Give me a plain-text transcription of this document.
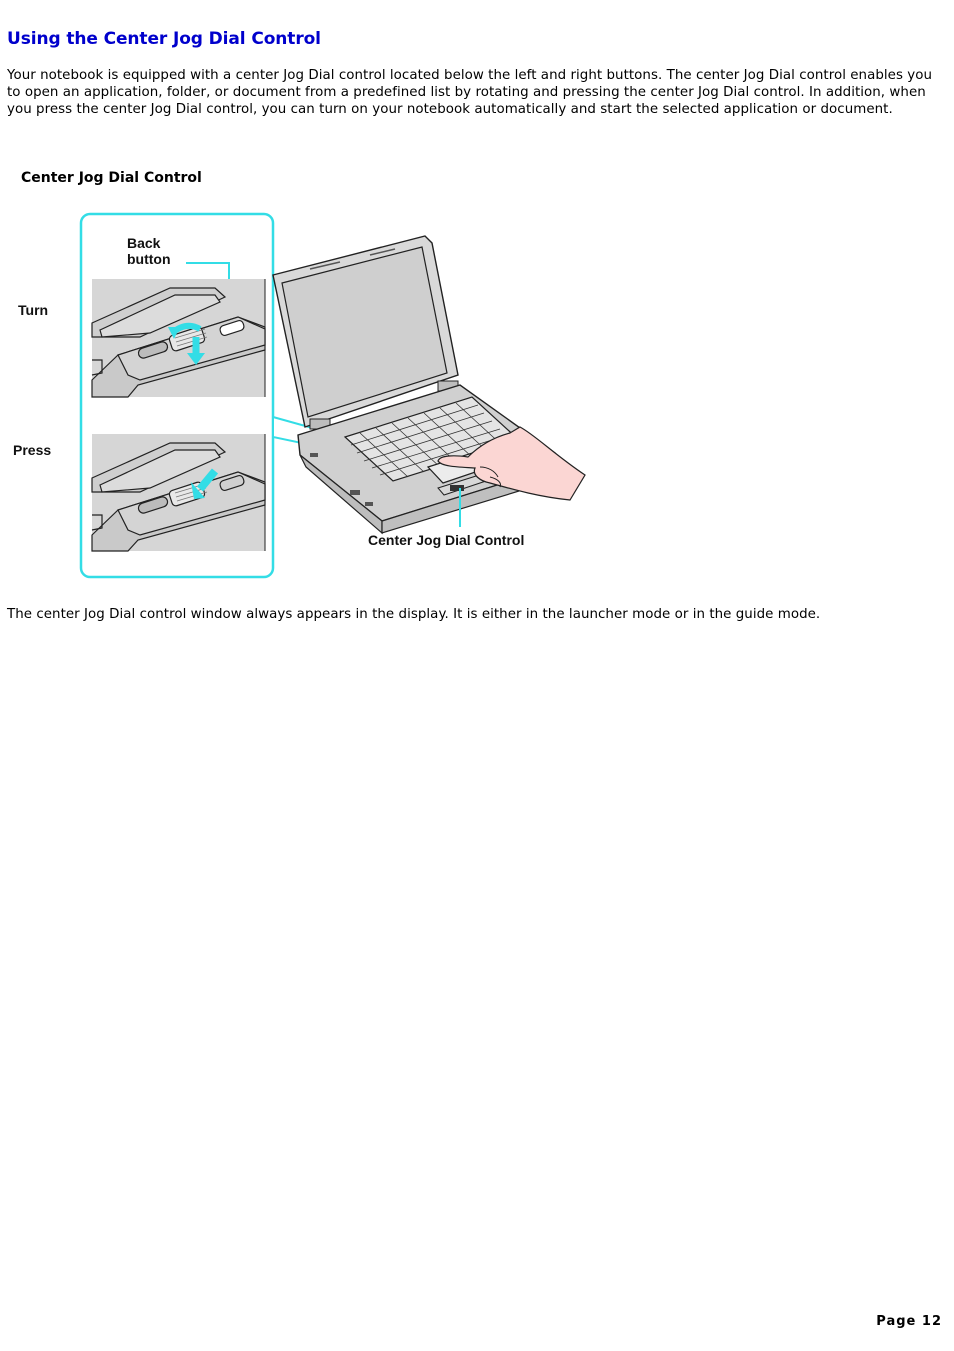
Using the Center Jog Dial Control

Your notebook is equipped with a center Jog Dial control located below the left and right buttons. The center Jog Dial control enables you to open an application, folder, or document from a predefined list by rotating and pressing the center Jog Dial control. In addition, when you press the center Jog Dial control, you can turn on your notebook automatically and start the selected application or document.

Center Jog Dial Control

Turn
Press
Back
button
Center Jog Dial Control

The center Jog Dial control window always appears in the display. It is either in the launcher mode or in the guide mode.

Page 12
